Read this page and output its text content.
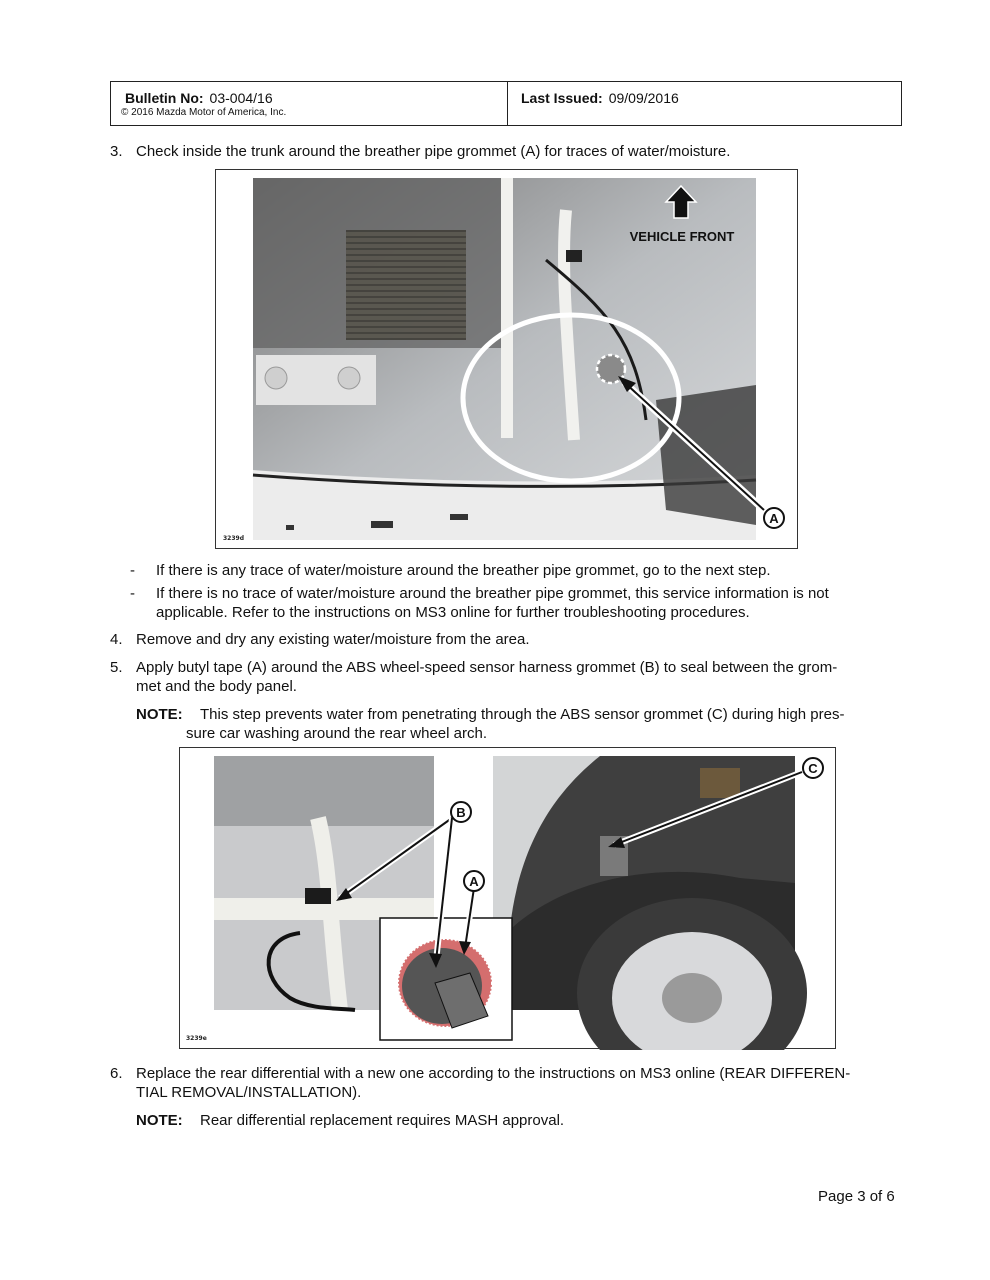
Bulletin No: 03-004/16
© 2016 Mazda Motor of America, Inc.
Last Issued: 09/09/2016
3. Check inside the trunk around the breather pipe grommet (A) for traces of water/moisture.
A
VEHICLE FRONT
3239d
- If there is any trace of water/moisture around the breather pipe grommet, go to the next step.
- If there is no trace of water/moisture around the breather pipe grommet, this service information is not
applicable. Refer to the instructions on MS3 online for further troubleshooting procedures.
4. Remove and dry any existing water/moisture from the area.
5. Apply butyl tape (A) around the ABS wheel-speed sensor harness grommet (B) to seal between the grom-
met and the body panel.
NOTE: This step prevents water from penetrating through the ABS sensor grommet (C) during high pres-
sure car washing around the rear wheel arch.
B
A
C
3239e
6. Replace the rear differential with a new one according to the instructions on MS3 online (REAR DIFFEREN-
TIAL REMOVAL/INSTALLATION).
NOTE: Rear differential replacement requires MASH approval.
Page 3 of 6
